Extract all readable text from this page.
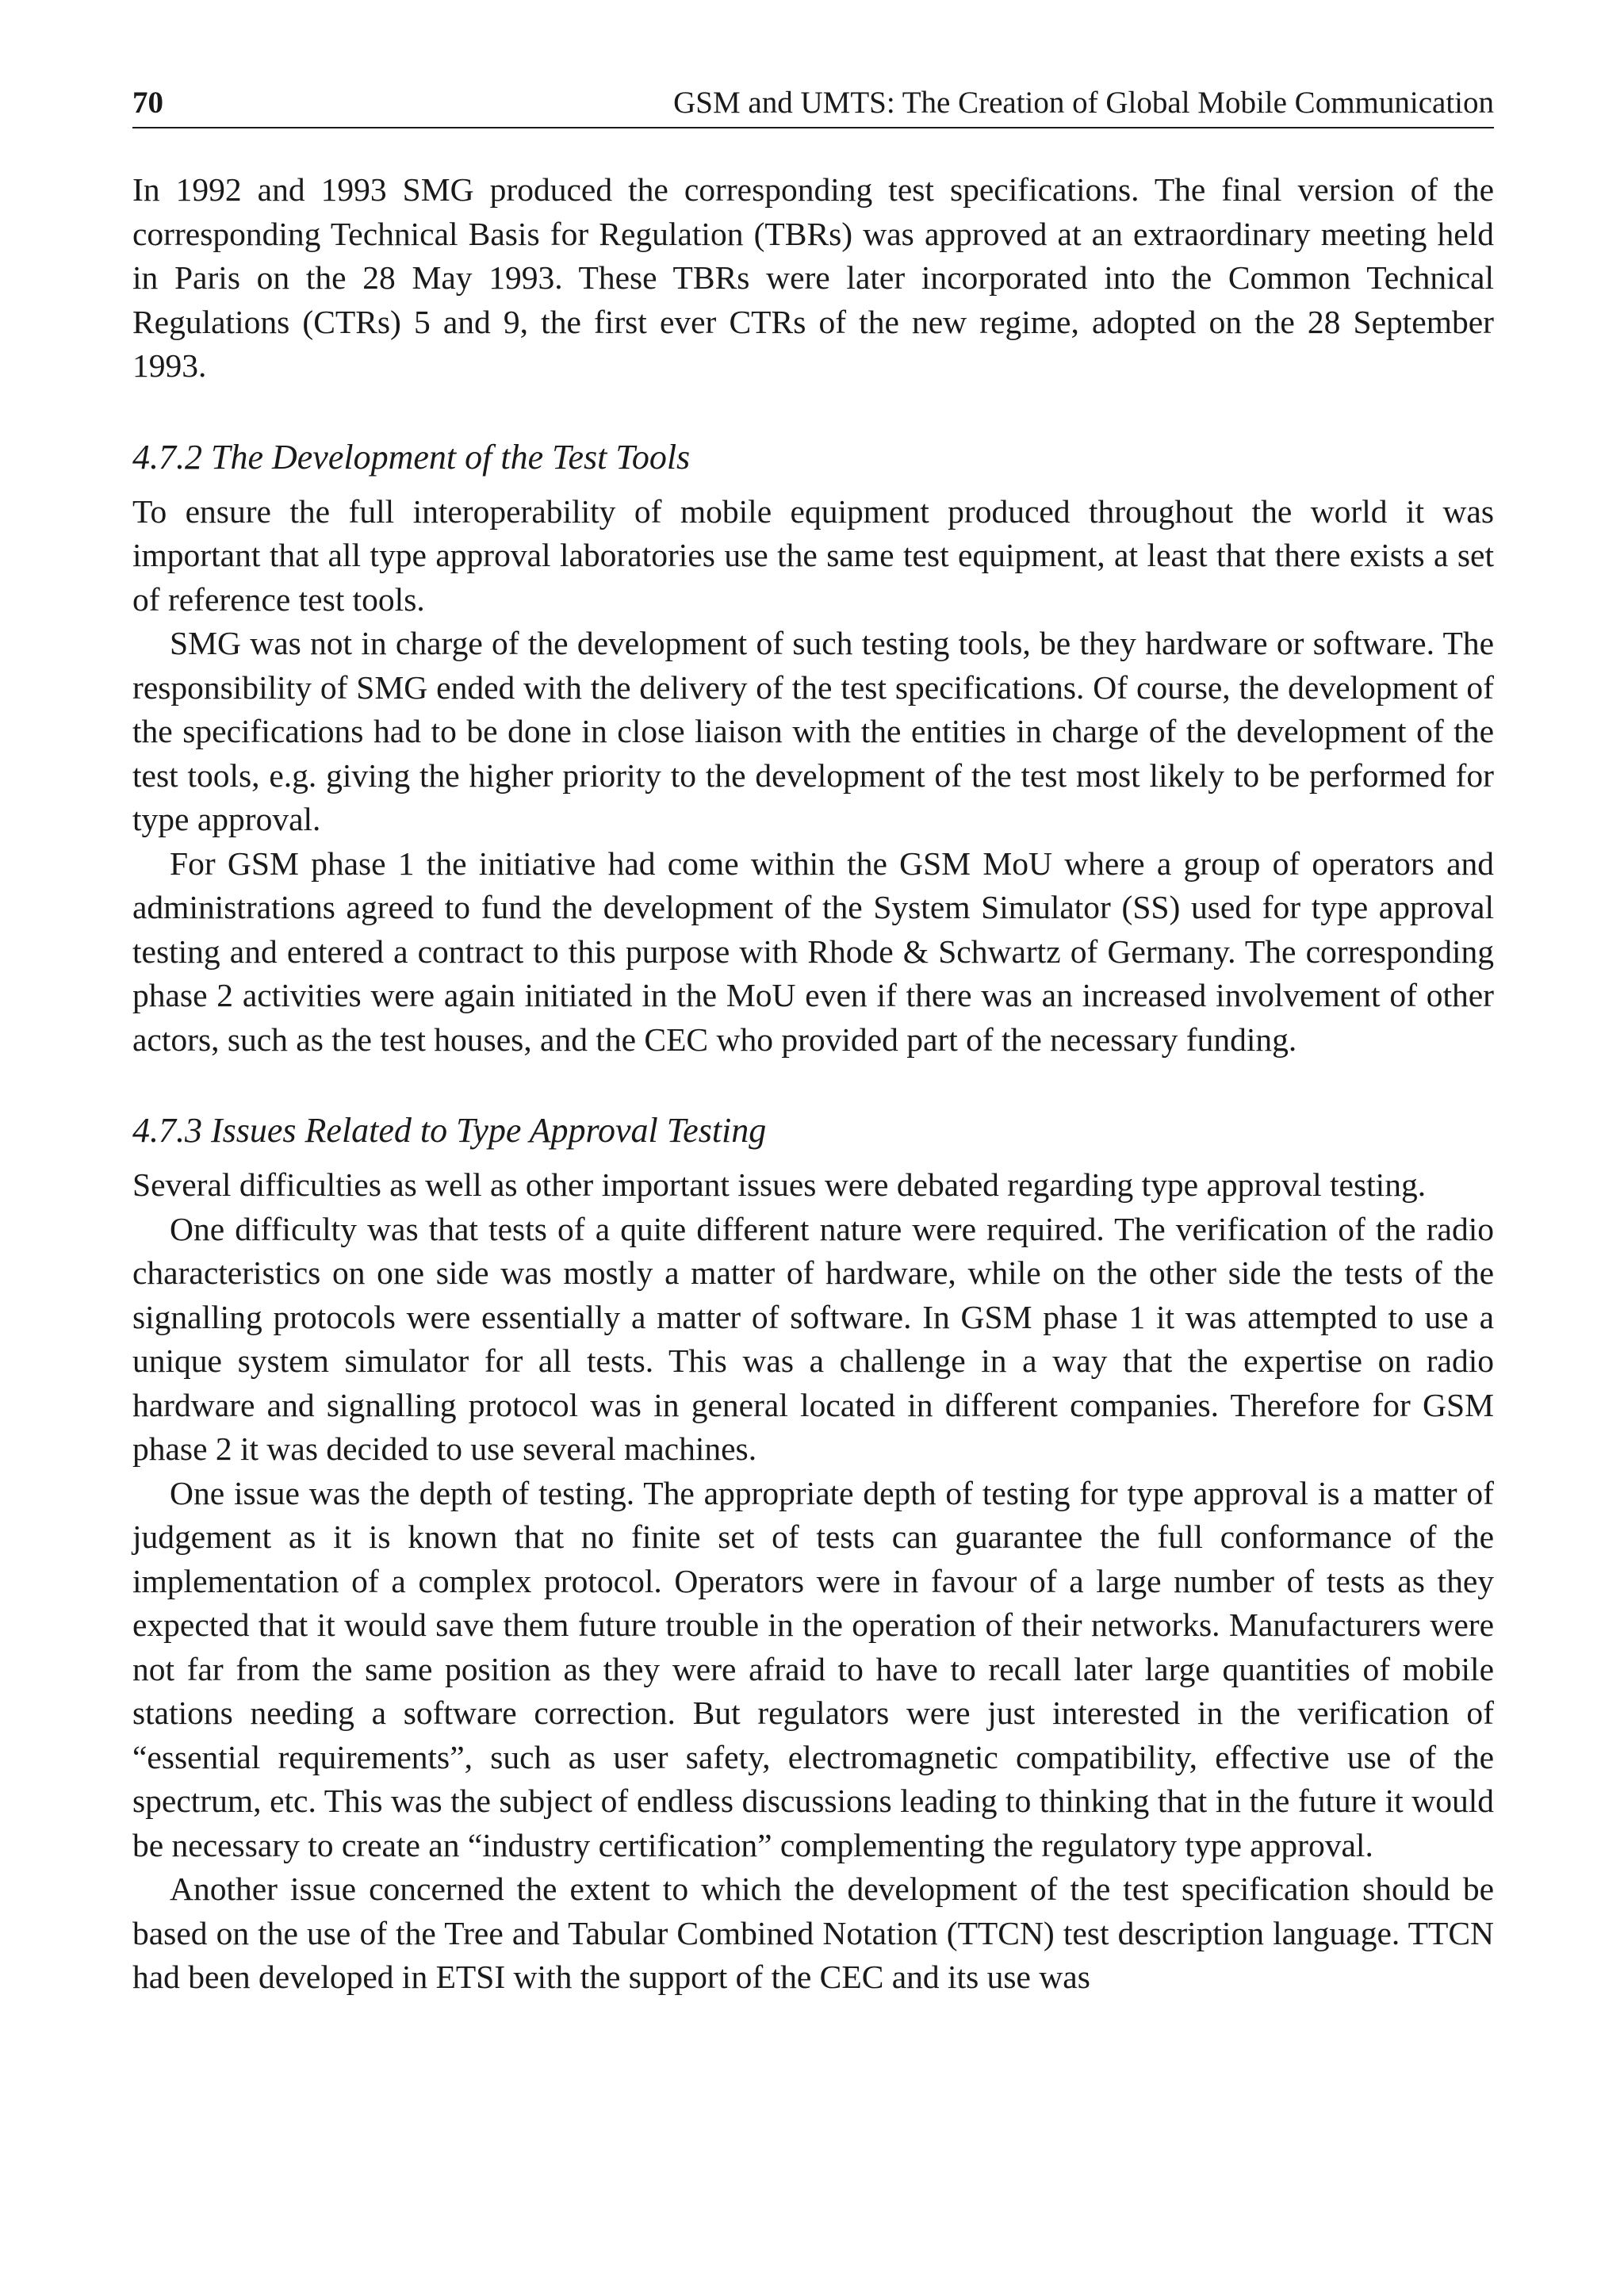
70	GSM and UMTS: The Creation of Global Mobile Communication

In 1992 and 1993 SMG produced the corresponding test specifications. The final version of the corresponding Technical Basis for Regulation (TBRs) was approved at an extraordinary meeting held in Paris on the 28 May 1993. These TBRs were later incorporated into the Common Technical Regulations (CTRs) 5 and 9, the first ever CTRs of the new regime, adopted on the 28 September 1993.

4.7.2 The Development of the Test Tools

To ensure the full interoperability of mobile equipment produced throughout the world it was important that all type approval laboratories use the same test equipment, at least that there exists a set of reference test tools.

SMG was not in charge of the development of such testing tools, be they hardware or software. The responsibility of SMG ended with the delivery of the test specifications. Of course, the development of the specifications had to be done in close liaison with the entities in charge of the development of the test tools, e.g. giving the higher priority to the development of the test most likely to be performed for type approval.

For GSM phase 1 the initiative had come within the GSM MoU where a group of operators and administrations agreed to fund the development of the System Simulator (SS) used for type approval testing and entered a contract to this purpose with Rhode & Schwartz of Germany. The corresponding phase 2 activities were again initiated in the MoU even if there was an increased involvement of other actors, such as the test houses, and the CEC who provided part of the necessary funding.

4.7.3 Issues Related to Type Approval Testing

Several difficulties as well as other important issues were debated regarding type approval testing.

One difficulty was that tests of a quite different nature were required. The verification of the radio characteristics on one side was mostly a matter of hardware, while on the other side the tests of the signalling protocols were essentially a matter of software. In GSM phase 1 it was attempted to use a unique system simulator for all tests. This was a challenge in a way that the expertise on radio hardware and signalling protocol was in general located in different companies. Therefore for GSM phase 2 it was decided to use several machines.

One issue was the depth of testing. The appropriate depth of testing for type approval is a matter of judgement as it is known that no finite set of tests can guarantee the full conformance of the implementation of a complex protocol. Operators were in favour of a large number of tests as they expected that it would save them future trouble in the operation of their networks. Manufacturers were not far from the same position as they were afraid to have to recall later large quantities of mobile stations needing a software correction. But regulators were just interested in the verification of “essential requirements”, such as user safety, electromagnetic compatibility, effective use of the spectrum, etc. This was the subject of endless discussions leading to thinking that in the future it would be necessary to create an “industry certification” complementing the regulatory type approval.

Another issue concerned the extent to which the development of the test specification should be based on the use of the Tree and Tabular Combined Notation (TTCN) test description language. TTCN had been developed in ETSI with the support of the CEC and its use was
